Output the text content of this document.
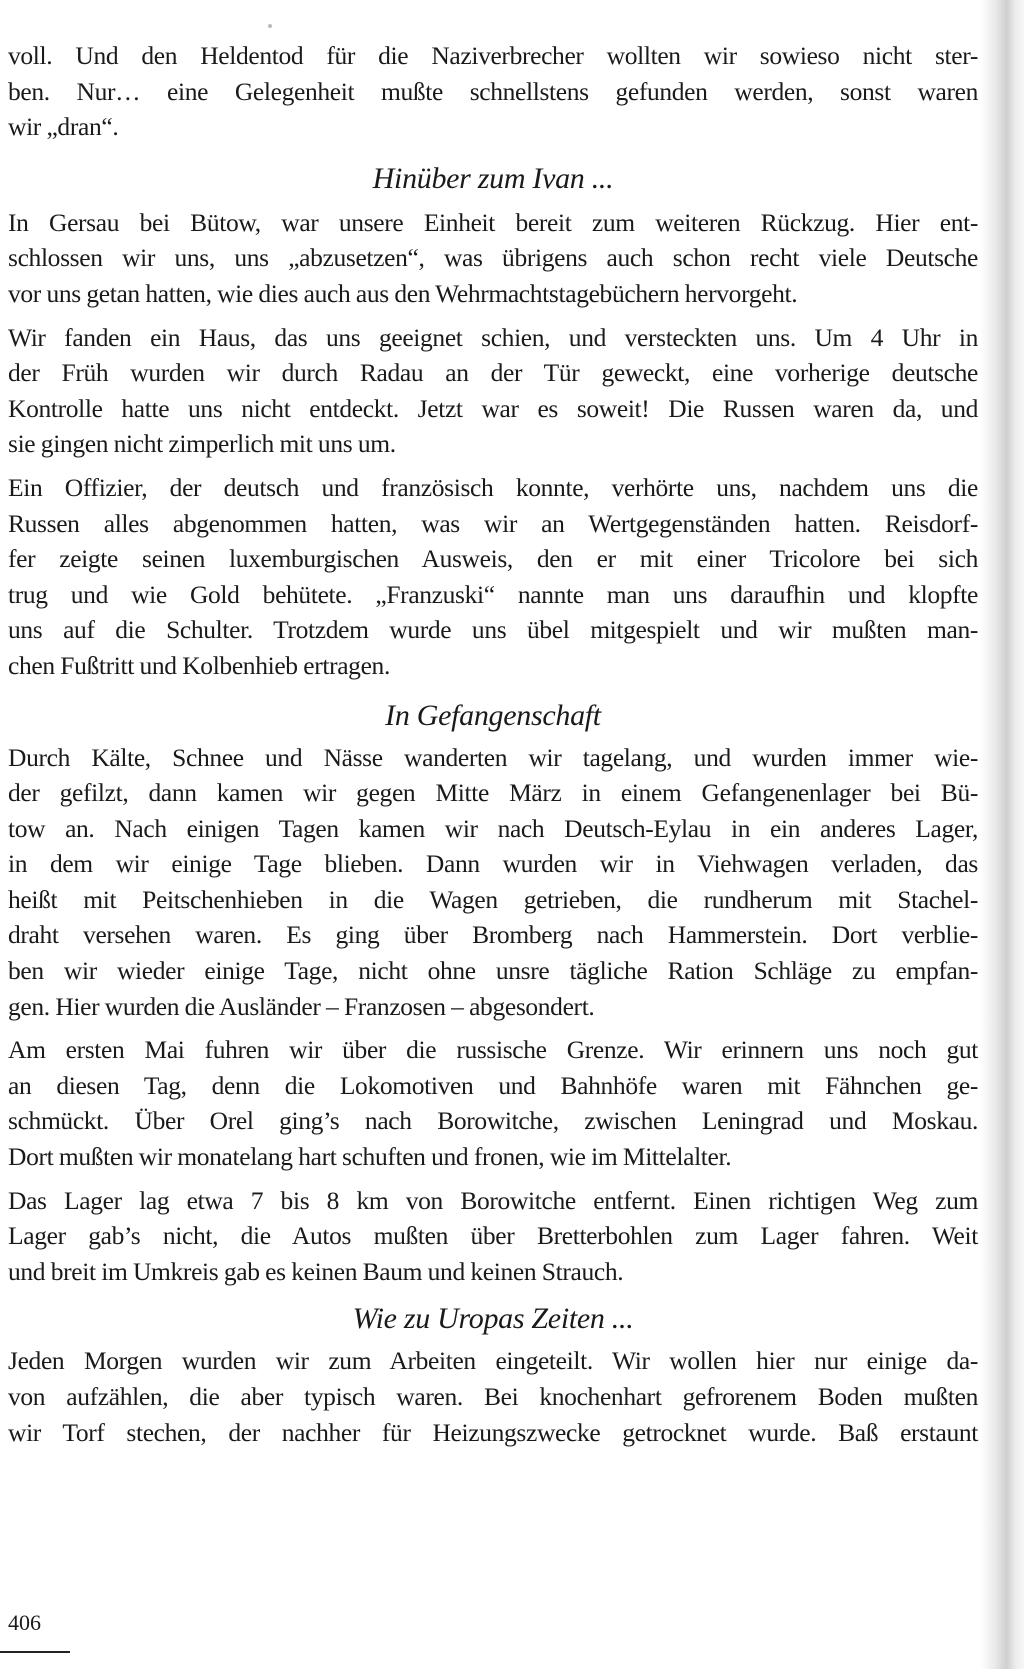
voll. Und den Heldentod für die Naziverbrecher wollten wir sowieso nicht ster-
ben. Nur… eine Gelegenheit mußte schnellstens gefunden werden, sonst waren
wir „dran“.

Hinüber zum Ivan ...

In Gersau bei Bütow, war unsere Einheit bereit zum weiteren Rückzug. Hier ent-
schlossen wir uns, uns „abzusetzen“, was übrigens auch schon recht viele Deutsche
vor uns getan hatten, wie dies auch aus den Wehrmachtstagebüchern hervorgeht.

Wir fanden ein Haus, das uns geeignet schien, und versteckten uns. Um 4 Uhr in
der Früh wurden wir durch Radau an der Tür geweckt, eine vorherige deutsche
Kontrolle hatte uns nicht entdeckt. Jetzt war es soweit! Die Russen waren da, und
sie gingen nicht zimperlich mit uns um.

Ein Offizier, der deutsch und französisch konnte, verhörte uns, nachdem uns die
Russen alles abgenommen hatten, was wir an Wertgegenständen hatten. Reisdorf-
fer zeigte seinen luxemburgischen Ausweis, den er mit einer Tricolore bei sich
trug und wie Gold behütete. „Franzuski“ nannte man uns daraufhin und klopfte
uns auf die Schulter. Trotzdem wurde uns übel mitgespielt und wir mußten man-
chen Fußtritt und Kolbenhieb ertragen.

In Gefangenschaft

Durch Kälte, Schnee und Nässe wanderten wir tagelang, und wurden immer wie-
der gefilzt, dann kamen wir gegen Mitte März in einem Gefangenenlager bei Bü-
tow an. Nach einigen Tagen kamen wir nach Deutsch-Eylau in ein anderes Lager,
in dem wir einige Tage blieben. Dann wurden wir in Viehwagen verladen, das
heißt mit Peitschenhieben in die Wagen getrieben, die rundherum mit Stachel-
draht versehen waren. Es ging über Bromberg nach Hammerstein. Dort verblie-
ben wir wieder einige Tage, nicht ohne unsre tägliche Ration Schläge zu empfan-
gen. Hier wurden die Ausländer – Franzosen – abgesondert.

Am ersten Mai fuhren wir über die russische Grenze. Wir erinnern uns noch gut
an diesen Tag, denn die Lokomotiven und Bahnhöfe waren mit Fähnchen ge-
schmückt. Über Orel ging’s nach Borowitche, zwischen Leningrad und Moskau.
Dort mußten wir monatelang hart schuften und fronen, wie im Mittelalter.

Das Lager lag etwa 7 bis 8 km von Borowitche entfernt. Einen richtigen Weg zum
Lager gab’s nicht, die Autos mußten über Bretterbohlen zum Lager fahren. Weit
und breit im Umkreis gab es keinen Baum und keinen Strauch.

Wie zu Uropas Zeiten ...

Jeden Morgen wurden wir zum Arbeiten eingeteilt. Wir wollen hier nur einige da-
von aufzählen, die aber typisch waren. Bei knochenhart gefrorenem Boden mußten
wir Torf stechen, der nachher für Heizungszwecke getrocknet wurde. Baß erstaunt

406
